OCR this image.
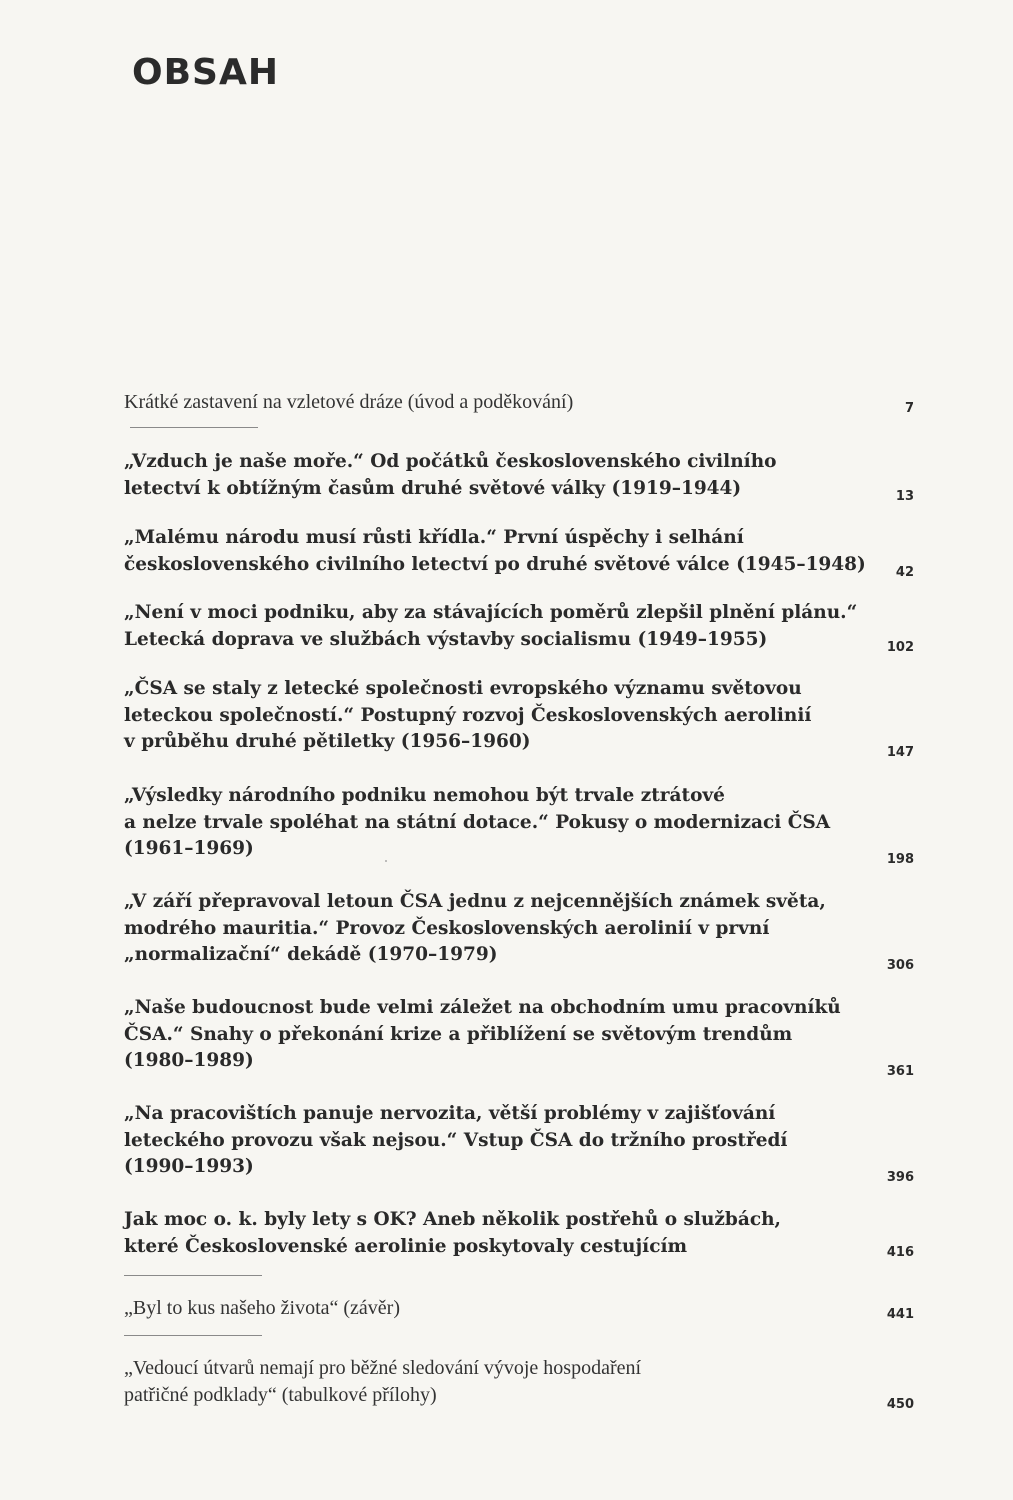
OBSAH
Krátké zastavení na vzletové dráze (úvod a poděkování)	7
„Vzduch je naše moře.“ Od počátků československého civilního
letectví k obtížným časům druhé světové války (1919–1944)	13
„Malému národu musí růsti křídla.“ První úspěchy i selhání
československého civilního letectví po druhé světové válce (1945–1948) 42
„Není v moci podniku, aby za stávajících poměrů zlepšil plnění plánu.“
Letecká doprava ve službách výstavby socialismu (1949–1955)	102
„ČSA se staly z letecké společnosti evropského významu světovou
leteckou společností.“ Postupný rozvoj Československých aerolinií
v průběhu druhé pětiletky (1956–1960)
147
„Výsledky národního podniku nemohou být trvale ztrátové
a nelze trvale spoléhat na státní dotace.“ Pokusy o modernizaci ČSA
(1961–1969)
198
„V září přepravoval letoun ČSA jednu z nejcennějších známek světa,
modrého mauritia.“ Provoz Československých aerolinií v první
„normalizační“ dekádě (1970–1979)
306
„Naše budoucnost bude velmi záležet na obchodním umu pracovníků
ČSA.“ Snahy o překonání krize a přiblížení se světovým trendům
(1980–1989)
361
„Na pracovištích panuje nervozita, větší problémy v zajišťování
leteckého provozu však nejsou.“ Vstup ČSA do tržního prostředí
(1990–1993)
396
Jak moc o. k. byly lety s OK? Aneb několik postřehů o službách,
které Československé aerolinie poskytovaly cestujícím	416
„Byl to kus našeho života“ (závěr)	441
„Vedoucí útvarů nemají pro běžné sledování vývoje hospodaření
patřičné podklady“ (tabulkové přílohy)	450
